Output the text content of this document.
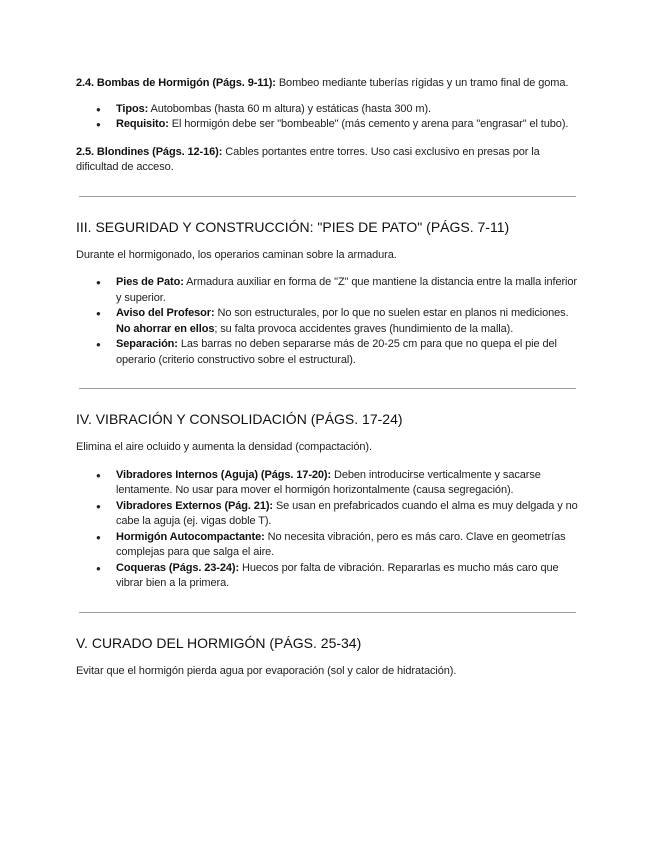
2.4. Bombas de Hormigón (Págs. 9-11): Bombeo mediante tuberías rígidas y un tramo final de goma.

● Tipos: Autobombas (hasta 60 m altura) y estáticas (hasta 300 m).
● Requisito: El hormigón debe ser "bombeable" (más cemento y arena para "engrasar" el tubo).

2.5. Blondines (Págs. 12-16): Cables portantes entre torres. Uso casi exclusivo en presas por la dificultad de acceso.

III. SEGURIDAD Y CONSTRUCCIÓN: "PIES DE PATO" (PÁGS. 7-11)

Durante el hormigonado, los operarios caminan sobre la armadura.

● Pies de Pato: Armadura auxiliar en forma de "Z" que mantiene la distancia entre la malla inferior y superior.
● Aviso del Profesor: No son estructurales, por lo que no suelen estar en planos ni mediciones. No ahorrar en ellos; su falta provoca accidentes graves (hundimiento de la malla).
● Separación: Las barras no deben separarse más de 20-25 cm para que no quepa el pie del operario (criterio constructivo sobre el estructural).
IV. VIBRACIÓN Y CONSOLIDACIÓN (PÁGS. 17-24)

Elimina el aire ocluido y aumenta la densidad (compactación).

● Vibradores Internos (Aguja) (Págs. 17-20): Deben introducirse verticalmente y sacarse lentamente. No usar para mover el hormigón horizontalmente (causa segregación).
● Vibradores Externos (Pág. 21): Se usan en prefabricados cuando el alma es muy delgada y no cabe la aguja (ej. vigas doble T).
● Hormigón Autocompactante: No necesita vibración, pero es más caro. Clave en geometrías complejas para que salga el aire.
● Coqueras (Págs. 23-24): Huecos por falta de vibración. Repararlas es mucho más caro que vibrar bien a la primera.
V. CURADO DEL HORMIGÓN (PÁGS. 25-34)

Evitar que el hormigón pierda agua por evaporación (sol y calor de hidratación).
